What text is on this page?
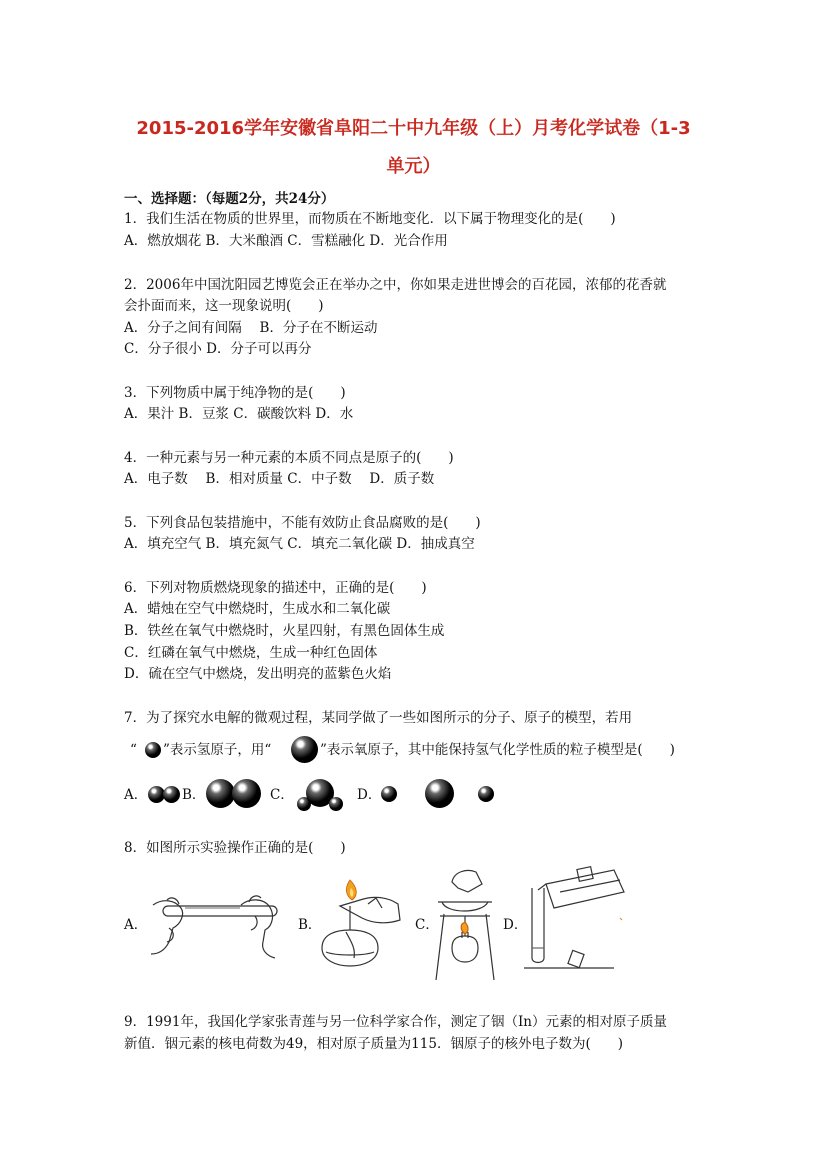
2015-2016学年安徽省阜阳二十中九年级（上）月考化学试卷（1-3
单元）
一、选择题：（每题2分，共24分）
1．我们生活在物质的世界里，而物质在不断地变化．以下属于物理变化的是(　　)
A．燃放烟花 B．大米酿酒 C．雪糕融化 D．光合作用
2．2006年中国沈阳园艺博览会正在举办之中，你如果走进世博会的百花园，浓郁的花香就
会扑面而来，这一现象说明(　　)
A．分子之间有间隔　 B．分子在不断运动
C．分子很小 D．分子可以再分
3．下列物质中属于纯净物的是(　　)
A．果汁 B．豆浆 C．碳酸饮料 D．水
4．一种元素与另一种元素的本质不同点是原子的(　　)
A．电子数　 B．相对质量 C．中子数　 D．质子数
5．下列食品包装措施中，不能有效防止食品腐败的是(　　)
A．填充空气 B．填充氮气 C．填充二氧化碳 D．抽成真空
6．下列对物质燃烧现象的描述中，正确的是(　　)
A．蜡烛在空气中燃烧时，生成水和二氧化碳
B．铁丝在氧气中燃烧时，火星四射，有黑色固体生成
C．红磷在氧气中燃烧，生成一种红色固体
D．硫在空气中燃烧，发出明亮的蓝紫色火焰
7．为了探究水电解的微观过程，某同学做了一些如图所示的分子、原子的模型，若用
“ ”表示氢原子，用“	”表示氧原子，其中能保持氢气化学性质的粒子模型是(　　)
A．	B．	C．	D．
8．如图所示实验操作正确的是(　　)
A．	B．	C．	D．
9．1991年，我国化学家张青莲与另一位科学家合作，测定了铟（In）元素的相对原子质量
新值．铟元素的核电荷数为49，相对原子质量为115．铟原子的核外电子数为(　　)
